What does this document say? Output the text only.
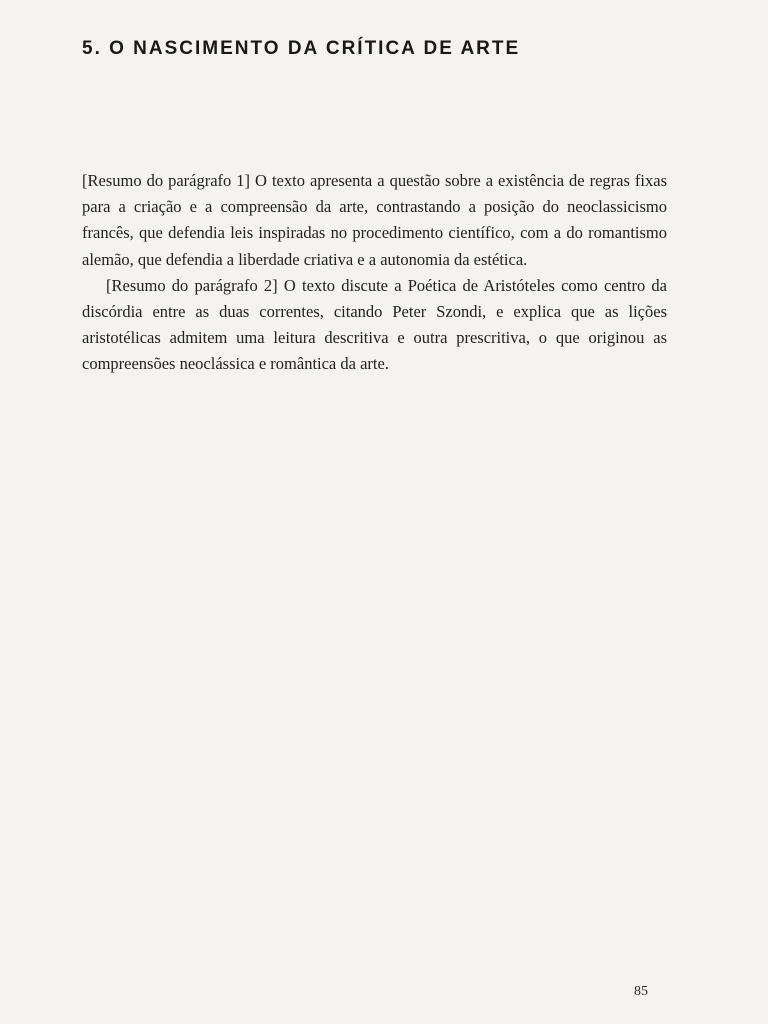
5. O NASCIMENTO DA CRÍTICA DE ARTE

[Resumo do parágrafo 1] O texto apresenta a questão sobre a existência de regras fixas para a criação e a compreensão da arte, contrastando a posição do neoclassicismo francês, que defendia leis inspiradas no procedimento científico, com a do romantismo alemão, que defendia a liberdade criativa e a autonomia da estética.

[Resumo do parágrafo 2] O texto discute a Poética de Aristóteles como centro da discórdia entre as duas correntes, citando Peter Szondi, e explica que as lições aristotélicas admitem uma leitura descritiva e outra prescritiva, o que originou as compreensões neoclássica e romântica da arte.

85
